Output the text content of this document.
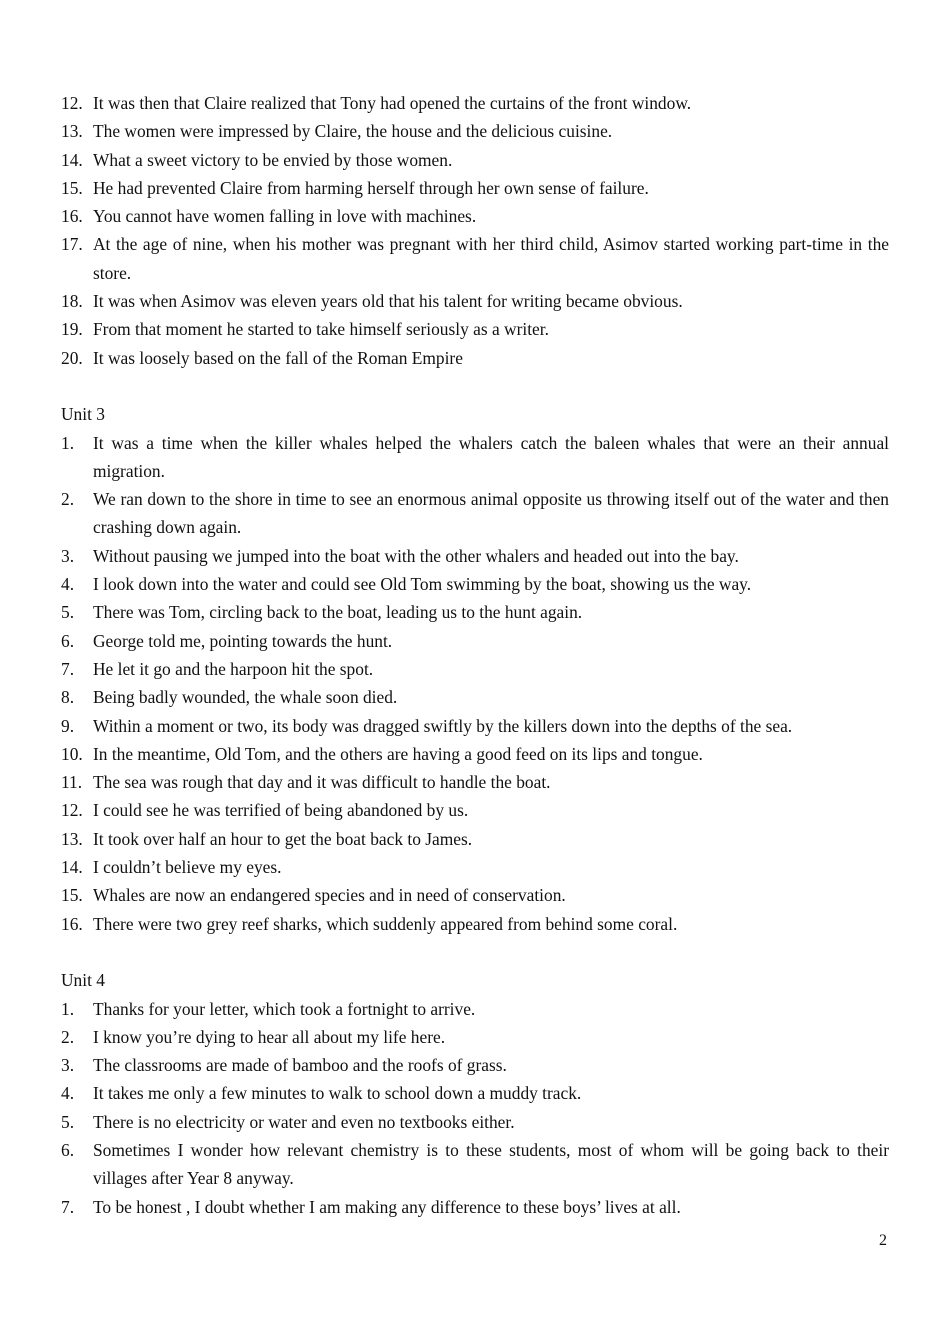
12. It was then that Claire realized that Tony had opened the curtains of the front window.
13. The women were impressed by Claire, the house and the delicious cuisine.
14. What a sweet victory to be envied by those women.
15. He had prevented Claire from harming herself through her own sense of failure.
16. You cannot have women falling in love with machines.
17. At the age of nine, when his mother was pregnant with her third child, Asimov started working part-time in the store.
18. It was when Asimov was eleven years old that his talent for writing became obvious.
19. From that moment he started to take himself seriously as a writer.
20. It was loosely based on the fall of the Roman Empire
Unit 3
1.	It was a time when the killer whales helped the whalers catch the baleen whales that were an their annual migration.
2.	We ran down to the shore in time to see an enormous animal opposite us throwing itself out of the water and then crashing down again.
3.	Without pausing we jumped into the boat with the other whalers and headed out into the bay.
4.	I look down into the water and could see Old Tom swimming by the boat, showing us the way.
5.	There was Tom, circling back to the boat, leading us to the hunt again.
6.	George told me, pointing towards the hunt.
7.	He let it go and the harpoon hit the spot.
8.	Being badly wounded, the whale soon died.
9.	Within a moment or two, its body was dragged swiftly by the killers down into the depths of the sea.
10. In the meantime, Old Tom, and the others are having a good feed on its lips and tongue.
11. The sea was rough that day and it was difficult to handle the boat.
12. I could see he was terrified of being abandoned by us.
13. It took over half an hour to get the boat back to James.
14. I couldn’t believe my eyes.
15. Whales are now an endangered species and in need of conservation.
16. There were two grey reef sharks, which suddenly appeared from behind some coral.
Unit 4
1.	Thanks for your letter, which took a fortnight to arrive.
2.	I know you’re dying to hear all about my life here.
3.	The classrooms are made of bamboo and the roofs of grass.
4.	It takes me only a few minutes to walk to school down a muddy track.
5.	There is no electricity or water and even no textbooks either.
6.	Sometimes I wonder how relevant chemistry is to these students, most of whom will be going back to their villages after Year 8 anyway.
7.	To be honest , I doubt whether I am making any difference to these boys’ lives at all.
2
